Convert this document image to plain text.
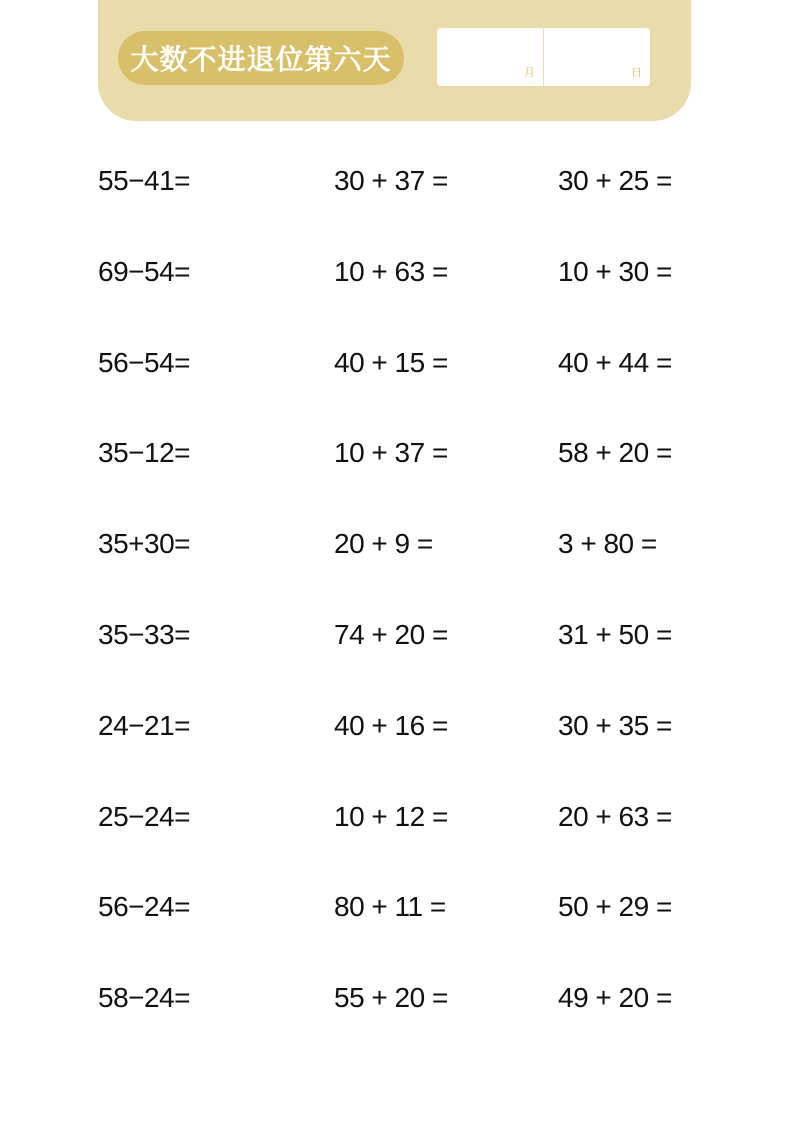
大数不进退位第六天	月	日
55−41=
69−54=
56−54=
35−12=
35+30=
35−33=
24−21=
25−24=
56−24=
58−24=
30 + 37 =
10 + 63 =
40 + 15 =
10 + 37 =
20 + 9 =
74 + 20 =
40 + 16 =
10 + 12 =
80 + 11 =
55 + 20 =
30 + 25 =
10 + 30 =
40 + 44 =
58 + 20 =
3 + 80 =
31 + 50 =
30 + 35 =
20 + 63 =
50 + 29 =
49 + 20 =
